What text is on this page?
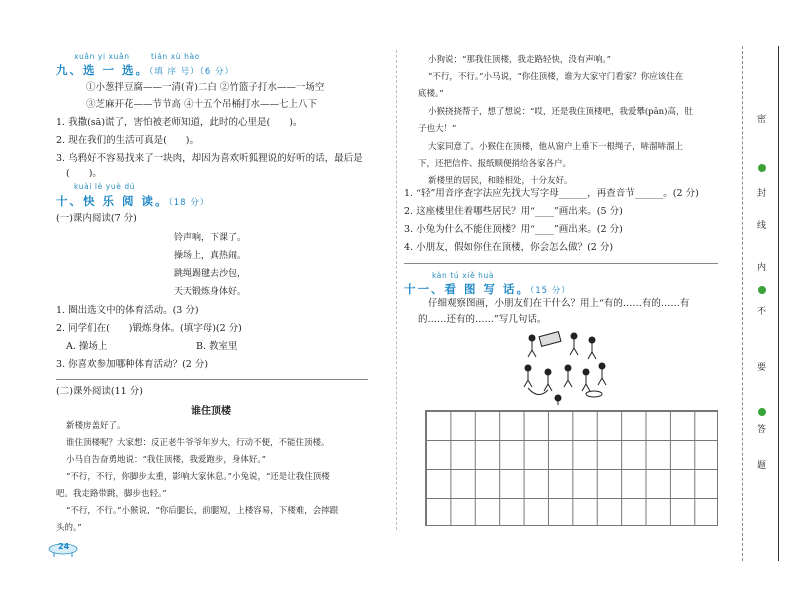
xuǎn yi xuǎn	tián xù hào
九、选 一 选。（填 序 号）（6 分）
①小葱拌豆腐——一清(青)二白 ②竹篮子打水——一场空
③芝麻开花——节节高 ④十五个吊桶打水——七上八下
1. 我撒(sā)谎了，害怕被老师知道，此时的心里是(　　)。
2. 现在我们的生活可真是(　　)。
3. 乌鸦好不容易找来了一块肉，却因为喜欢听狐狸说的好听的话，最后是
(　　)。
kuài lè yuè dú
十、快 乐 阅 读。（18 分）
(一)课内阅读(7 分)
铃声响，下课了。
操场上，真热闹。
跳绳踢毽去沙包，
天天锻炼身体好。
1. 圈出选文中的体育活动。(3 分)
2. 同学们在(　　)锻炼身体。(填字母)(2 分)
A. 操场上	B. 教室里
3. 你喜欢参加哪种体育活动？(2 分)
(二)课外阅读(11 分)
谁住顶楼
新楼房盖好了。
谁住顶楼呢？大家想：反正老牛爷爷年岁大，行动不便，不能住顶楼。
小马自告奋勇地说：“我住顶楼，我爱跑步，身体好。”
“不行，不行，你脚步太重，影响大家休息。”小兔说，“还是让我住顶楼
吧。我走路带跳，脚步也轻。”
“不行，不行。”小猴说，“你后腿长，前腿短，上楼容易，下楼难，会摔跟
头的。”
24
小狗说：“那我住顶楼，我走路轻快，没有声响。”
“不行，不行。”小马说，“你住顶楼，谁为大家守门看家？你应该住在
底楼。”
小猴挠挠帮子，想了想说：“哎，还是我住顶楼吧，我爱攀(pān)高，肚
子也大！”
大家同意了。小猴住在顶楼，他从窗户上垂下一根绳子，哧溜哧溜上
下，还把信件、报纸顺便捎给各家各户。
新楼里的居民，和睦相处，十分友好。
1. “轻”用音序查字法应先找大写字母______，再查音节______。(2 分)
2. 这座楼里住着哪些居民？用“____”画出来。(5 分)
3. 小兔为什么不能住顶楼？用“____”画出来。(2 分)
4. 小朋友，假如你住在顶楼，你会怎么做？(2 分)
kàn tú xiě huà
十一、看 图 写 话。（15 分）
仔细观察图画，小朋友们在干什么？用上“有的……有的……有
的……还有的……”写几句话。
密
封
线
内
不
要
答
题
